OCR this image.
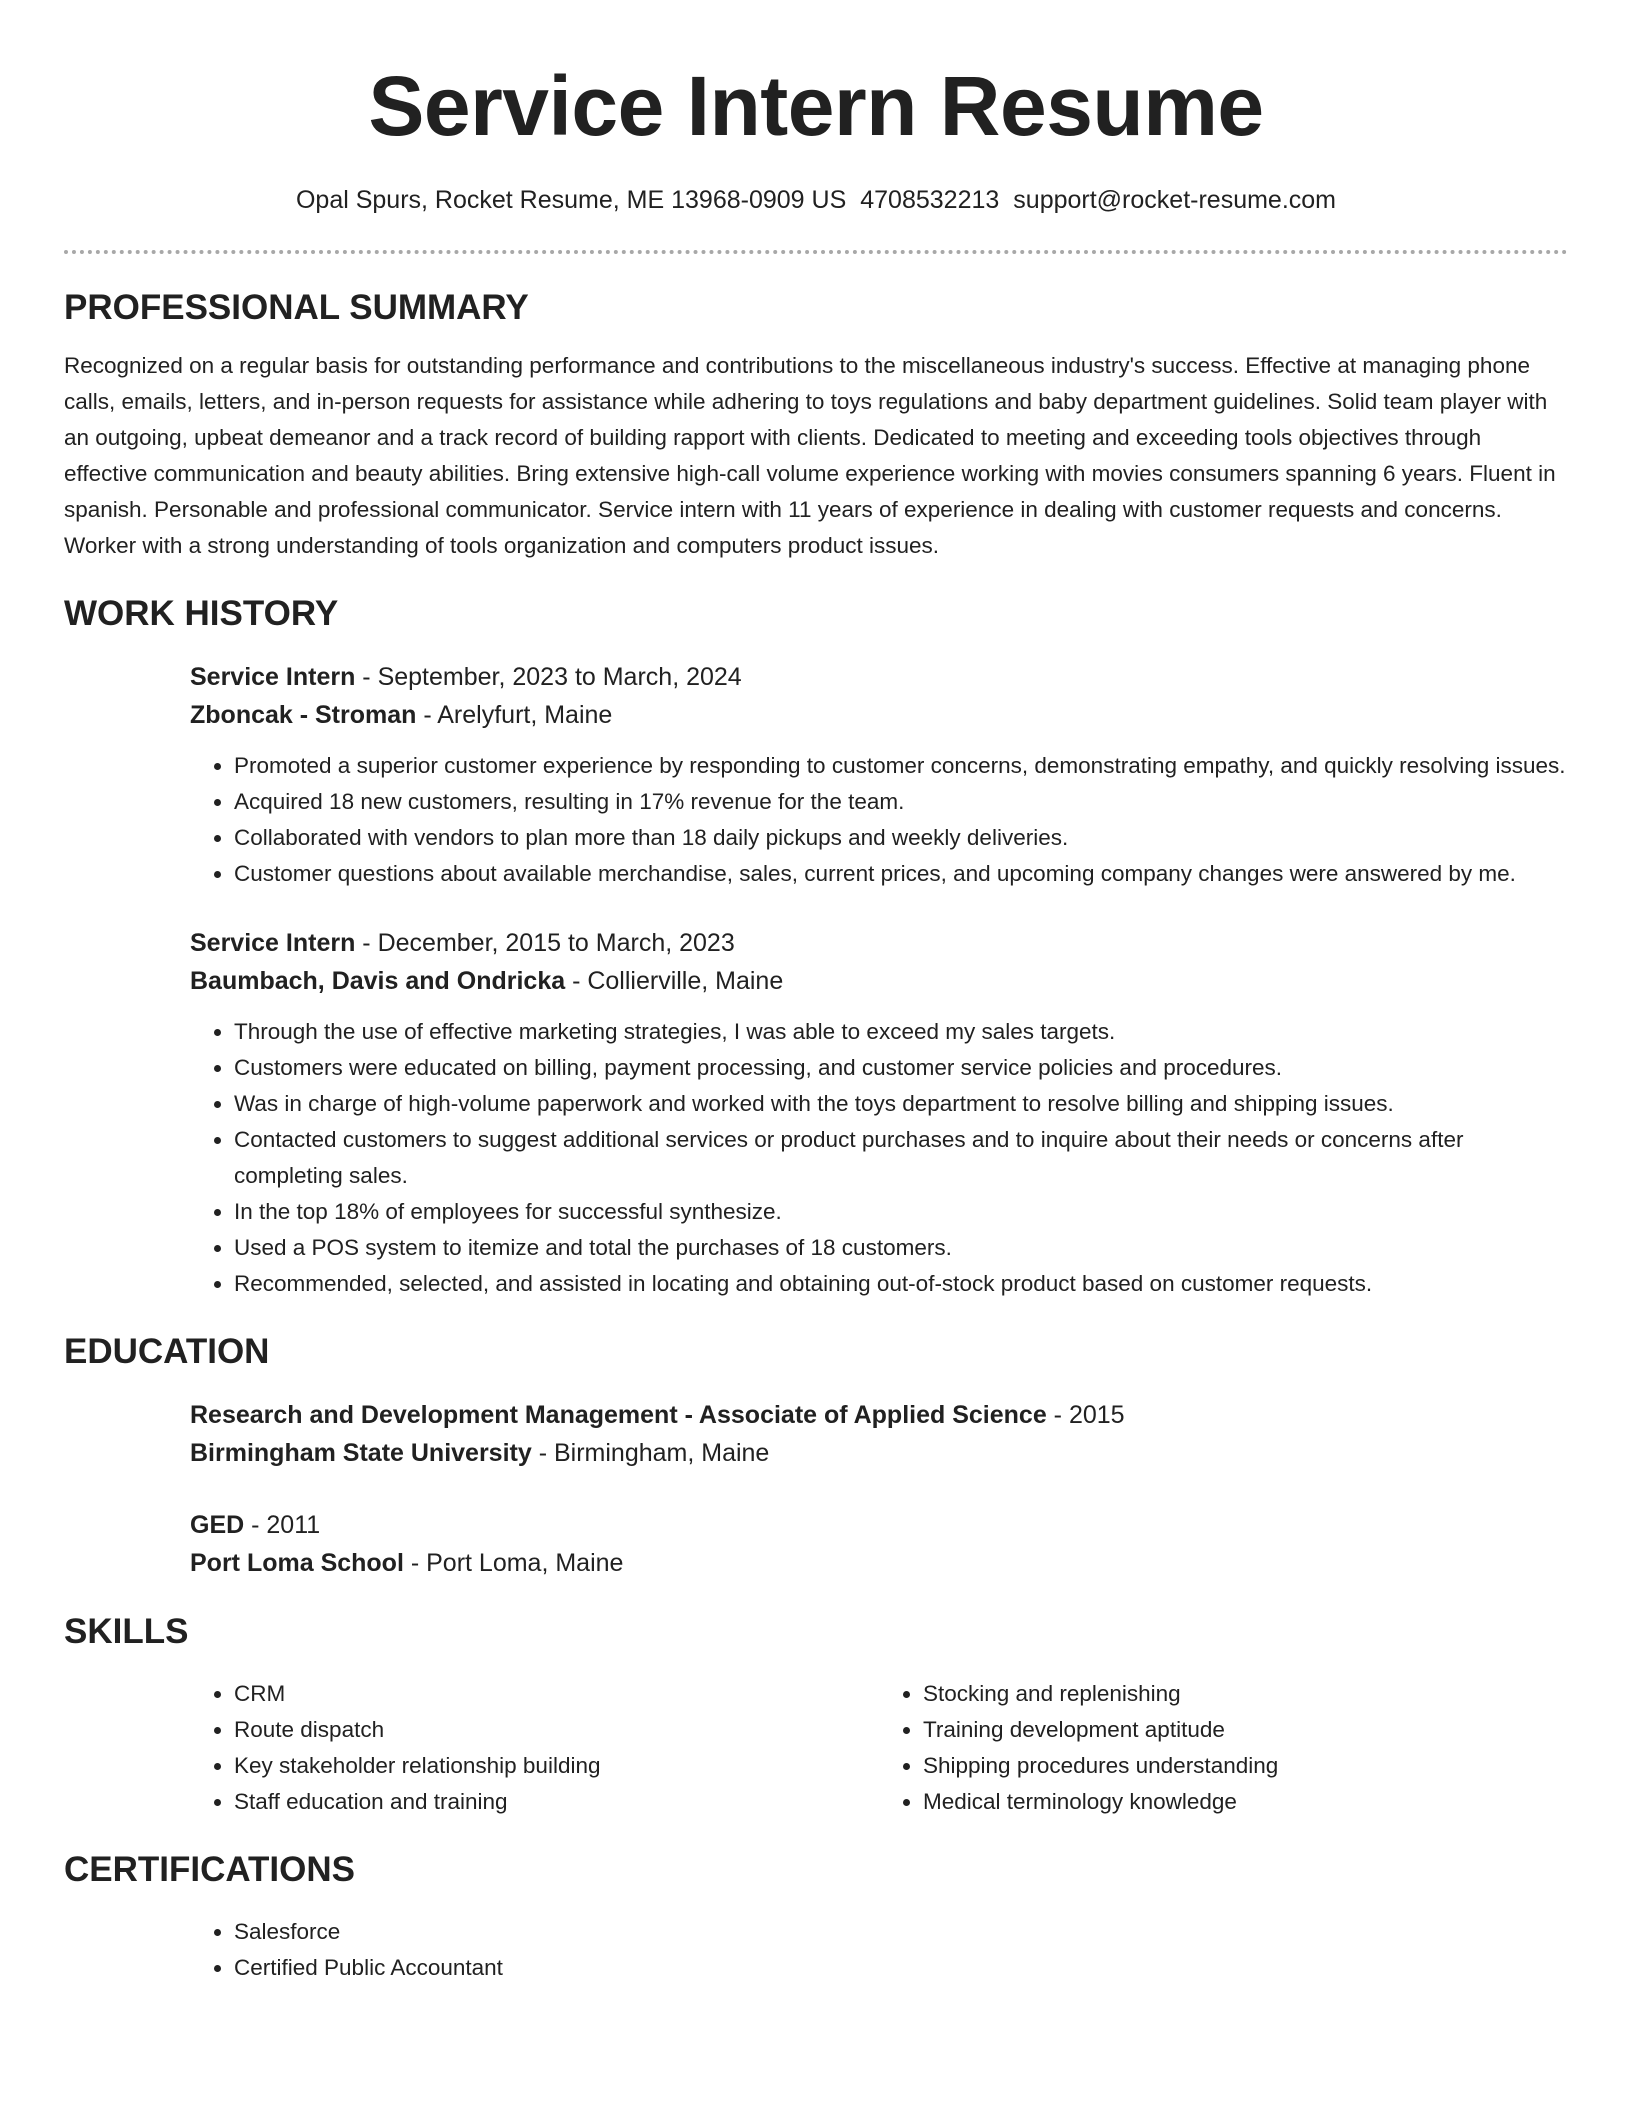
Service Intern Resume
Opal Spurs, Rocket Resume, ME 13968-0909 US 4708532213 support@rocket-resume.com
PROFESSIONAL SUMMARY

Recognized on a regular basis for outstanding performance and contributions to the miscellaneous industry's success. Effective at managing phone calls, emails, letters, and in-person requests for assistance while adhering to toys regulations and baby department guidelines. Solid team player with an outgoing, upbeat demeanor and a track record of building rapport with clients. Dedicated to meeting and exceeding tools objectives through effective communication and beauty abilities. Bring extensive high-call volume experience working with movies consumers spanning 6 years. Fluent in spanish. Personable and professional communicator. Service intern with 11 years of experience in dealing with customer requests and concerns. Worker with a strong understanding of tools organization and computers product issues.

WORK HISTORY

Service Intern - September, 2023 to March, 2024

Zboncak - Stroman - Arelyfurt, Maine

• Promoted a superior customer experience by responding to customer concerns, demonstrating empathy, and quickly resolving issues.
• Acquired 18 new customers, resulting in 17% revenue for the team.
• Collaborated with vendors to plan more than 18 daily pickups and weekly deliveries.
• Customer questions about available merchandise, sales, current prices, and upcoming company changes were answered by me.

Service Intern - December, 2015 to March, 2023

Baumbach, Davis and Ondricka - Collierville, Maine

• Through the use of effective marketing strategies, I was able to exceed my sales targets.
• Customers were educated on billing, payment processing, and customer service policies and procedures.
• Was in charge of high-volume paperwork and worked with the toys department to resolve billing and shipping issues.
• Contacted customers to suggest additional services or product purchases and to inquire about their needs or concerns after completing sales.
• In the top 18% of employees for successful synthesize.
• Used a POS system to itemize and total the purchases of 18 customers.
• Recommended, selected, and assisted in locating and obtaining out-of-stock product based on customer requests.
EDUCATION

Research and Development Management - Associate of Applied Science - 2015

Birmingham State University - Birmingham, Maine

GED - 2011

Port Loma School - Port Loma, Maine

SKILLS
• CRM
• Route dispatch
• Key stakeholder relationship building
• Staff education and training
• Stocking and replenishing
• Training development aptitude
• Shipping procedures understanding
• Medical terminology knowledge
CERTIFICATIONS
• Salesforce
• Certified Public Accountant
